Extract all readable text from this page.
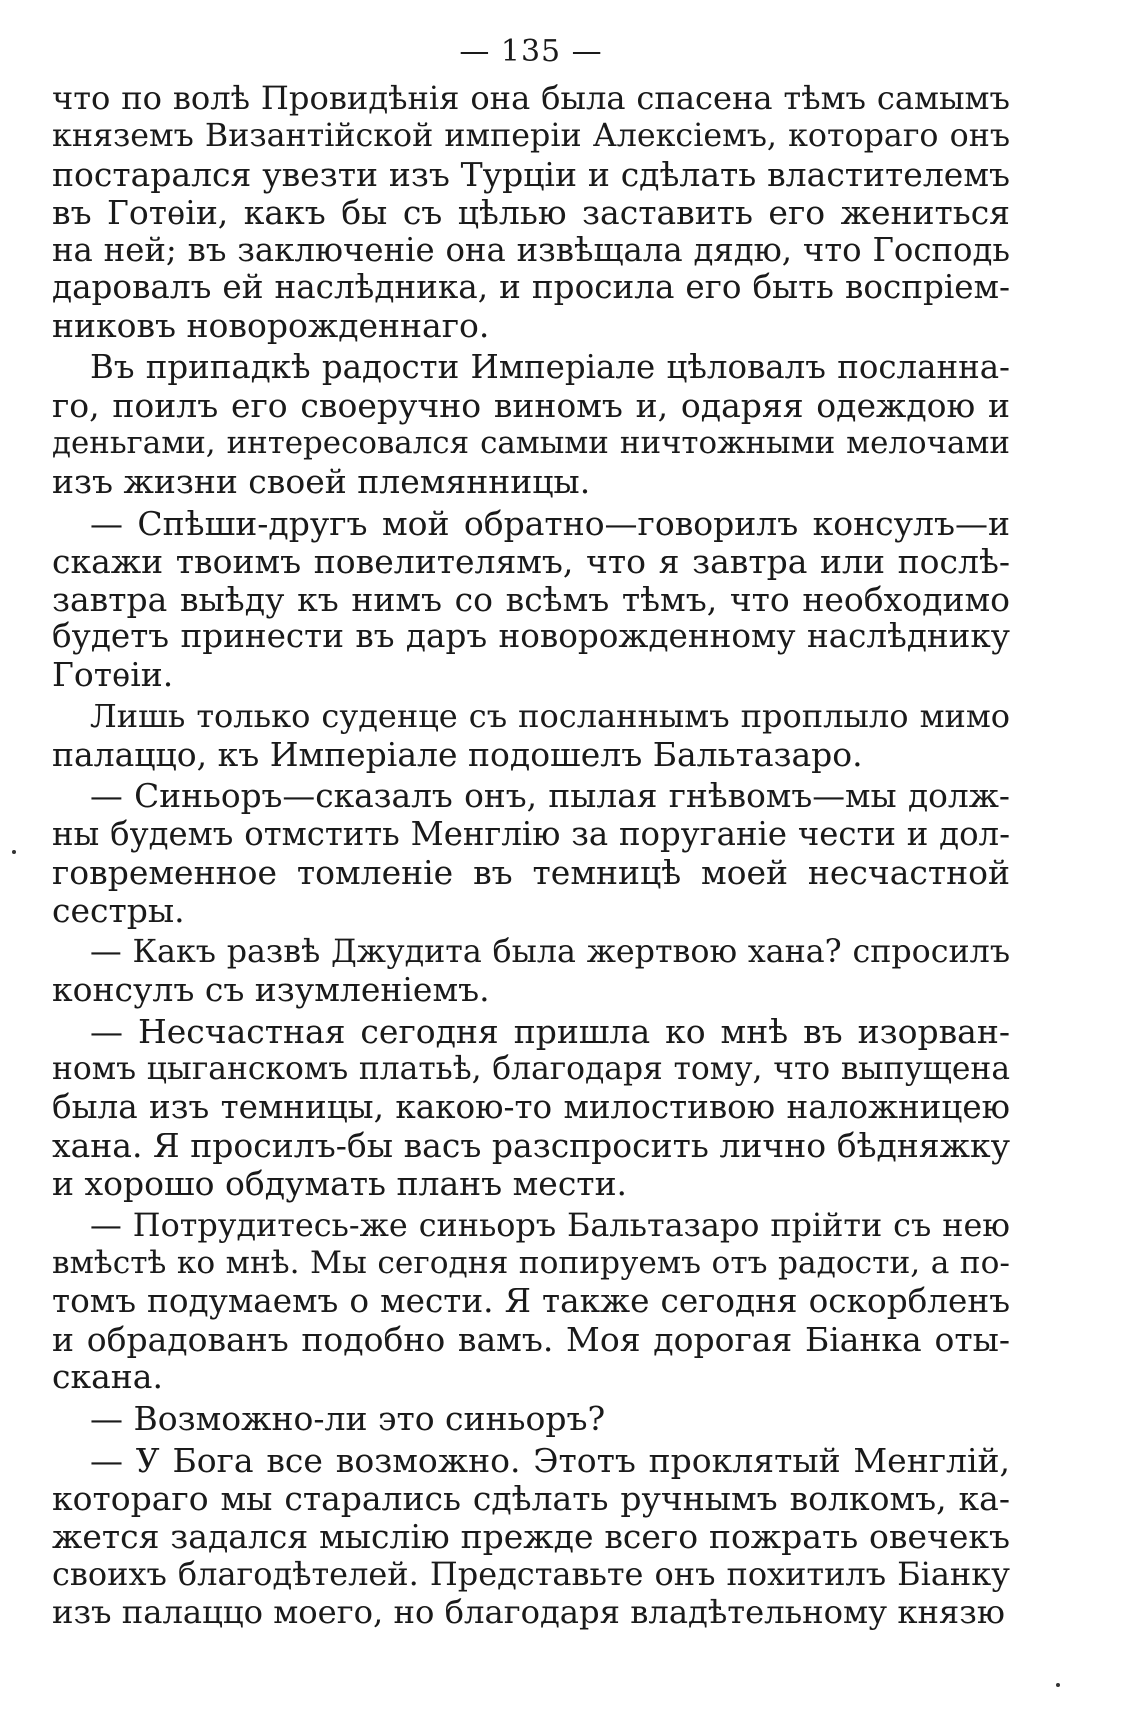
— 135 —
что по волѣ Провидѣнія она была спасена тѣмъ самымъ
княземъ Византійской имперіи Алексіемъ, котораго онъ
постарался увезти изъ Турціи и сдѣлать властителемъ
въ Готѳіи, какъ бы съ цѣлью заставить его жениться
на ней; въ заключеніе она извѣщала дядю, что Господь
даровалъ ей наслѣдника, и просила его быть воспріем-
никовъ новорожденнаго.
Въ припадкѣ радости Имперіале цѣловалъ посланна-
го, поилъ его своеручно виномъ и, одаряя одеждою и
деньгами, интересовался самыми ничтожными мелочами
изъ жизни своей племянницы.
— Спѣши-другъ мой обратно—говорилъ консулъ—и
скажи твоимъ повелителямъ, что я завтра или послѣ-
завтра выѣду къ нимъ со всѣмъ тѣмъ, что необходимо
будетъ принести въ даръ новорожденному наслѣднику
Готѳіи.
Лишь только суденце съ посланнымъ проплыло мимо
палаццо, къ Имперіале подошелъ Бальтазаро.
— Синьоръ—сказалъ онъ, пылая гнѣвомъ—мы долж-
ны будемъ отмстить Менглію за поруганіе чести и дол-
говременное томленіе въ темницѣ моей несчастной
сестры.
— Какъ развѣ Джудита была жертвою хана? спросилъ
консулъ съ изумленіемъ.
— Несчастная сегодня пришла ко мнѣ въ изорван-
номъ цыганскомъ платьѣ, благодаря тому, что выпущена
была изъ темницы, какою-то милостивою наложницею
хана. Я просилъ-бы васъ разспросить лично бѣдняжку
и хорошо обдумать планъ мести.
— Потрудитесь-же синьоръ Бальтазаро прійти съ нею
вмѣстѣ ко мнѣ. Мы сегодня попируемъ отъ радости, а по-
томъ подумаемъ о мести. Я также сегодня оскорбленъ
и обрадованъ подобно вамъ. Моя дорогая Біанка оты-
скана.
— Возможно-ли это синьоръ?
— У Бога все возможно. Этотъ проклятый Менглій,
котораго мы старались сдѣлать ручнымъ волкомъ, ка-
жется задался мыслію прежде всего пожрать овечекъ
своихъ благодѣтелей. Представьте онъ похитилъ Біанку
изъ палаццо моего, но благодаря владѣтельному князю
